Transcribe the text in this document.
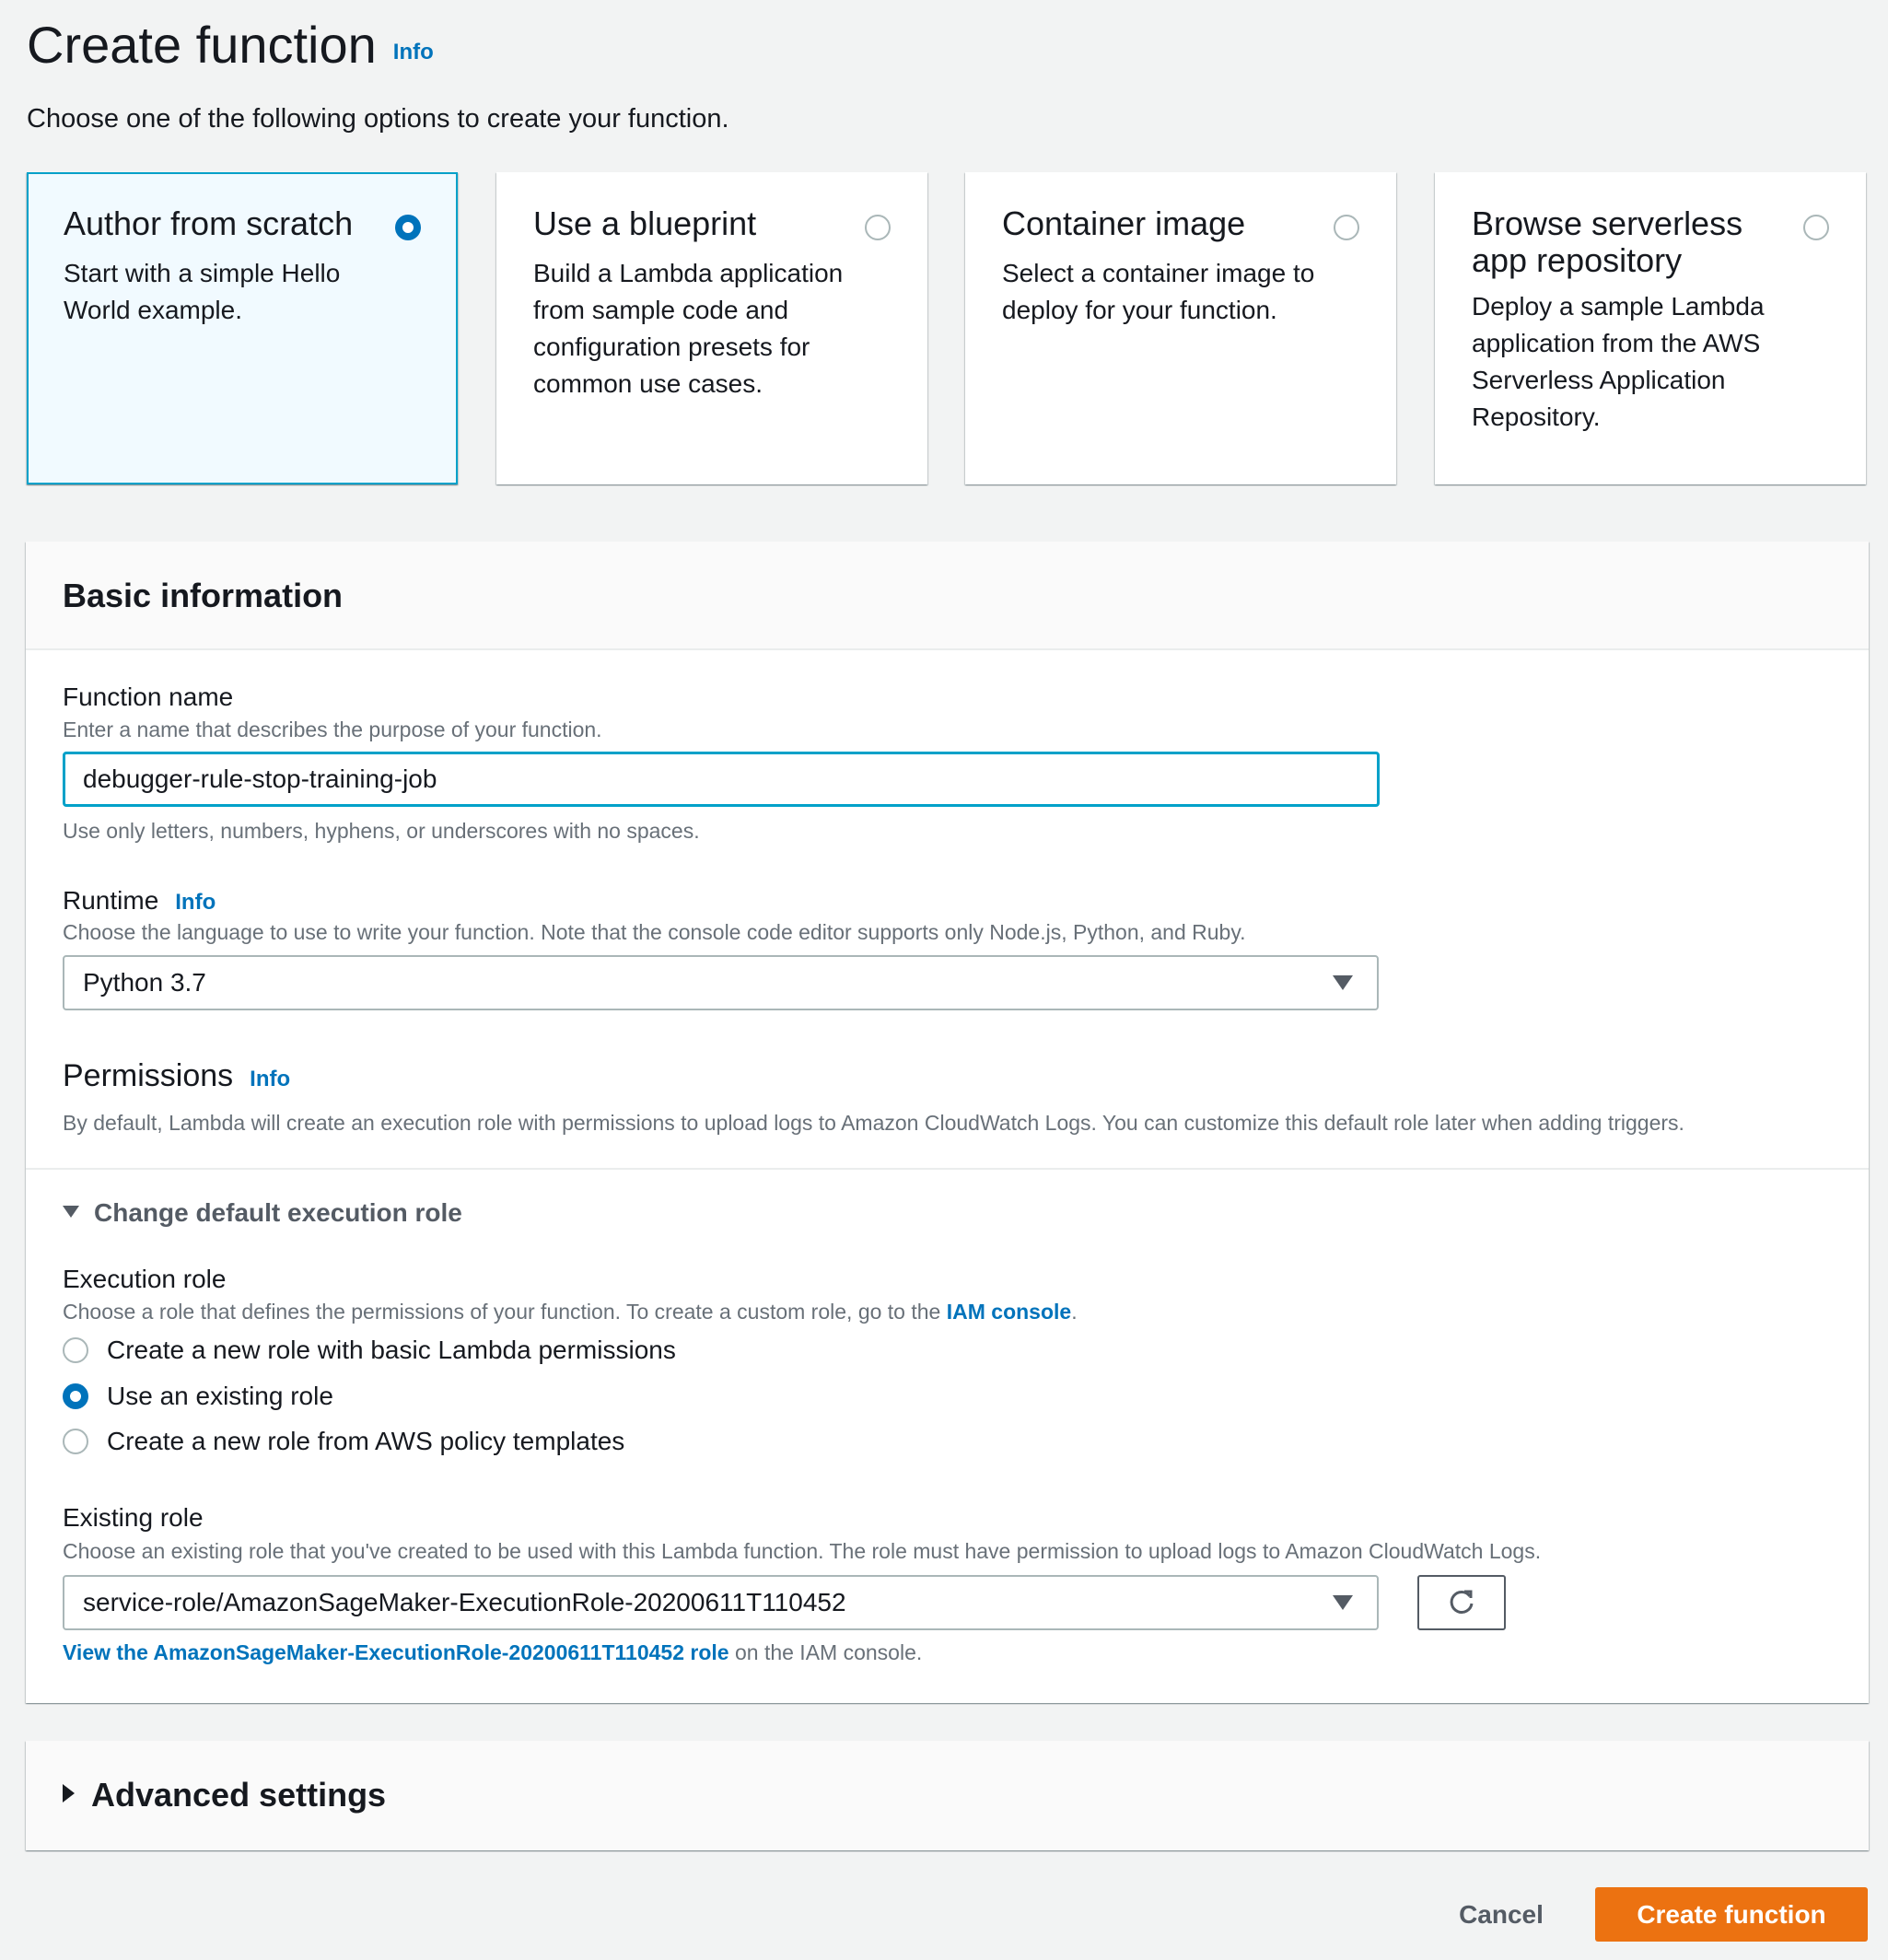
Create function Info
Choose one of the following options to create your function.
Author from scratch
Start with a simple Hello World example.
Use a blueprint
Build a Lambda application from sample code and configuration presets for common use cases.
Container image
Select a container image to deploy for your function.
Browse serverless app repository
Deploy a sample Lambda application from the AWS Serverless Application Repository.
Basic information
Function name
Enter a name that describes the purpose of your function.
debugger-rule-stop-training-job
Use only letters, numbers, hyphens, or underscores with no spaces.
Runtime Info
Choose the language to use to write your function. Note that the console code editor supports only Node.js, Python, and Ruby.
Python 3.7
Permissions Info
By default, Lambda will create an execution role with permissions to upload logs to Amazon CloudWatch Logs. You can customize this default role later when adding triggers.
Change default execution role
Execution role
Choose a role that defines the permissions of your function. To create a custom role, go to the IAM console.
Create a new role with basic Lambda permissions
Use an existing role
Create a new role from AWS policy templates
Existing role
Choose an existing role that you've created to be used with this Lambda function. The role must have permission to upload logs to Amazon CloudWatch Logs.
service-role/AmazonSageMaker-ExecutionRole-20200611T110452
View the AmazonSageMaker-ExecutionRole-20200611T110452 role on the IAM console.
Advanced settings
Cancel	Create function
